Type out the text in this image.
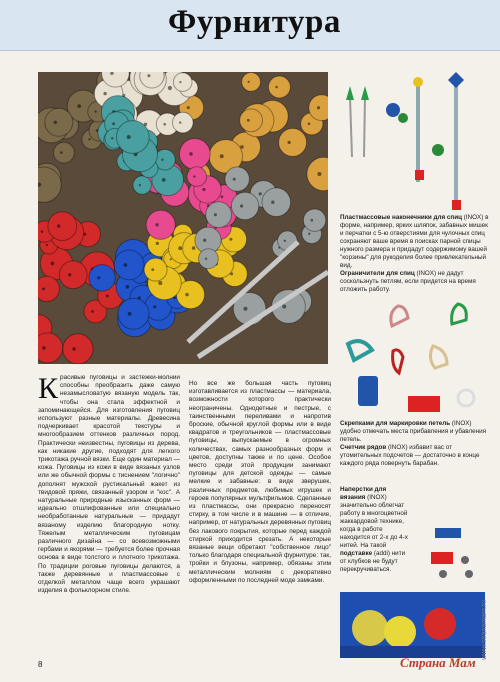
Фурнитура
Пластмассовые наконечники для спиц (INOX) в форме, например, ярких шляпок, забавных мишек и перчатки с 5-ю отверстиями для чулочных спиц сохраняют ваше время в поисках парной спицы нужного размера и придадут содержимому вашей "корзины" для рукоделия более привлекательный вид.
Ограничители для спиц (INOX) не дадут соскользнуть петлям, если придется на время отложить работу.
Скрепками для маркировки петель (INOX) удобно отмечать места прибавления и убавления петель.
Счетчик рядов (INOX) избавит вас от утомительных подсчетов — достаточно в конце каждого ряда повернуть барабан.
Наперстки для вязания (INOX) значительно облегчат работу в многоцветной жаккардовой технике, когда в работе находится от 2-х до 4-х нитей. На такой подставке (addi) нити от клубков не будут перекручиваться.
К расивые пуговицы и застежки-молнии способны преобразить даже самую незамысловатую вязаную модель так, чтобы она стала эффектной и запоминающейся. Для изготовления пуговиц используют разные материалы. Древесина подчеркивает красотой текстуры и многообразием оттенков различных пород. Практически неизвестны, пуговицы из дерева, как никакие другие, подходят для легкого трикотажа ручной вязки. Еще один материал — кожа. Пуговицы из кожи в виде вязаных узлов или же обычной формы с тиснением "логично" дополнят мужской рустикальный жакет из твидовой пряжи, связанный узором и "кос". А натуральные природные изысканных форм — идеально отшлифованные или специально необработанные натуральные — придадут вязаному изделию благородную нотку. Тяжелым металлическим пуговицам различного дизайна — со всевозможными гербами и якорями — требуется более прочная основа в виде толстого и плотного трикотажа. По традиции роговые пуговицы делаются, а также деревянные и пластмассовые с отделкой металлом чаще всего украшают изделия в фольклорном стиле.
Но все же большая часть пуговиц изготавливается из пластмассы — материала, возможности которого практически неограничены. Однодетные и пестрые, с таинственными переливами и напротив броские, обычной круглой формы или в виде квадратов и треугольников — пластмассовые пуговицы, выпускаемые в огромных количествах, самых разнообразных форм и цветов, доступны также и по цене. Особое место среди этой продукции занимают пуговицы для детской одежды — самые мелкие и забавные: в виде зверушек, различных предметов, любимых игрушек и героев популярных мультфильмов. Сделанные из пластмассы, они прекрасно переносят стирку, в том числе и в машине — в отличие, например, от натуральных деревянных пуговиц без лакового покрытия, которые перед каждой стиркой приходится срезать. А некоторые вязаные вещи обретают "собственное лицо" только благодаря специальной фурнитуре: так, тройки и блузоны, например, обязаны этим металлическим молниям с декоративно оформленными по последней моде замками.
8	Страна Мам
www.stranamam.ru
